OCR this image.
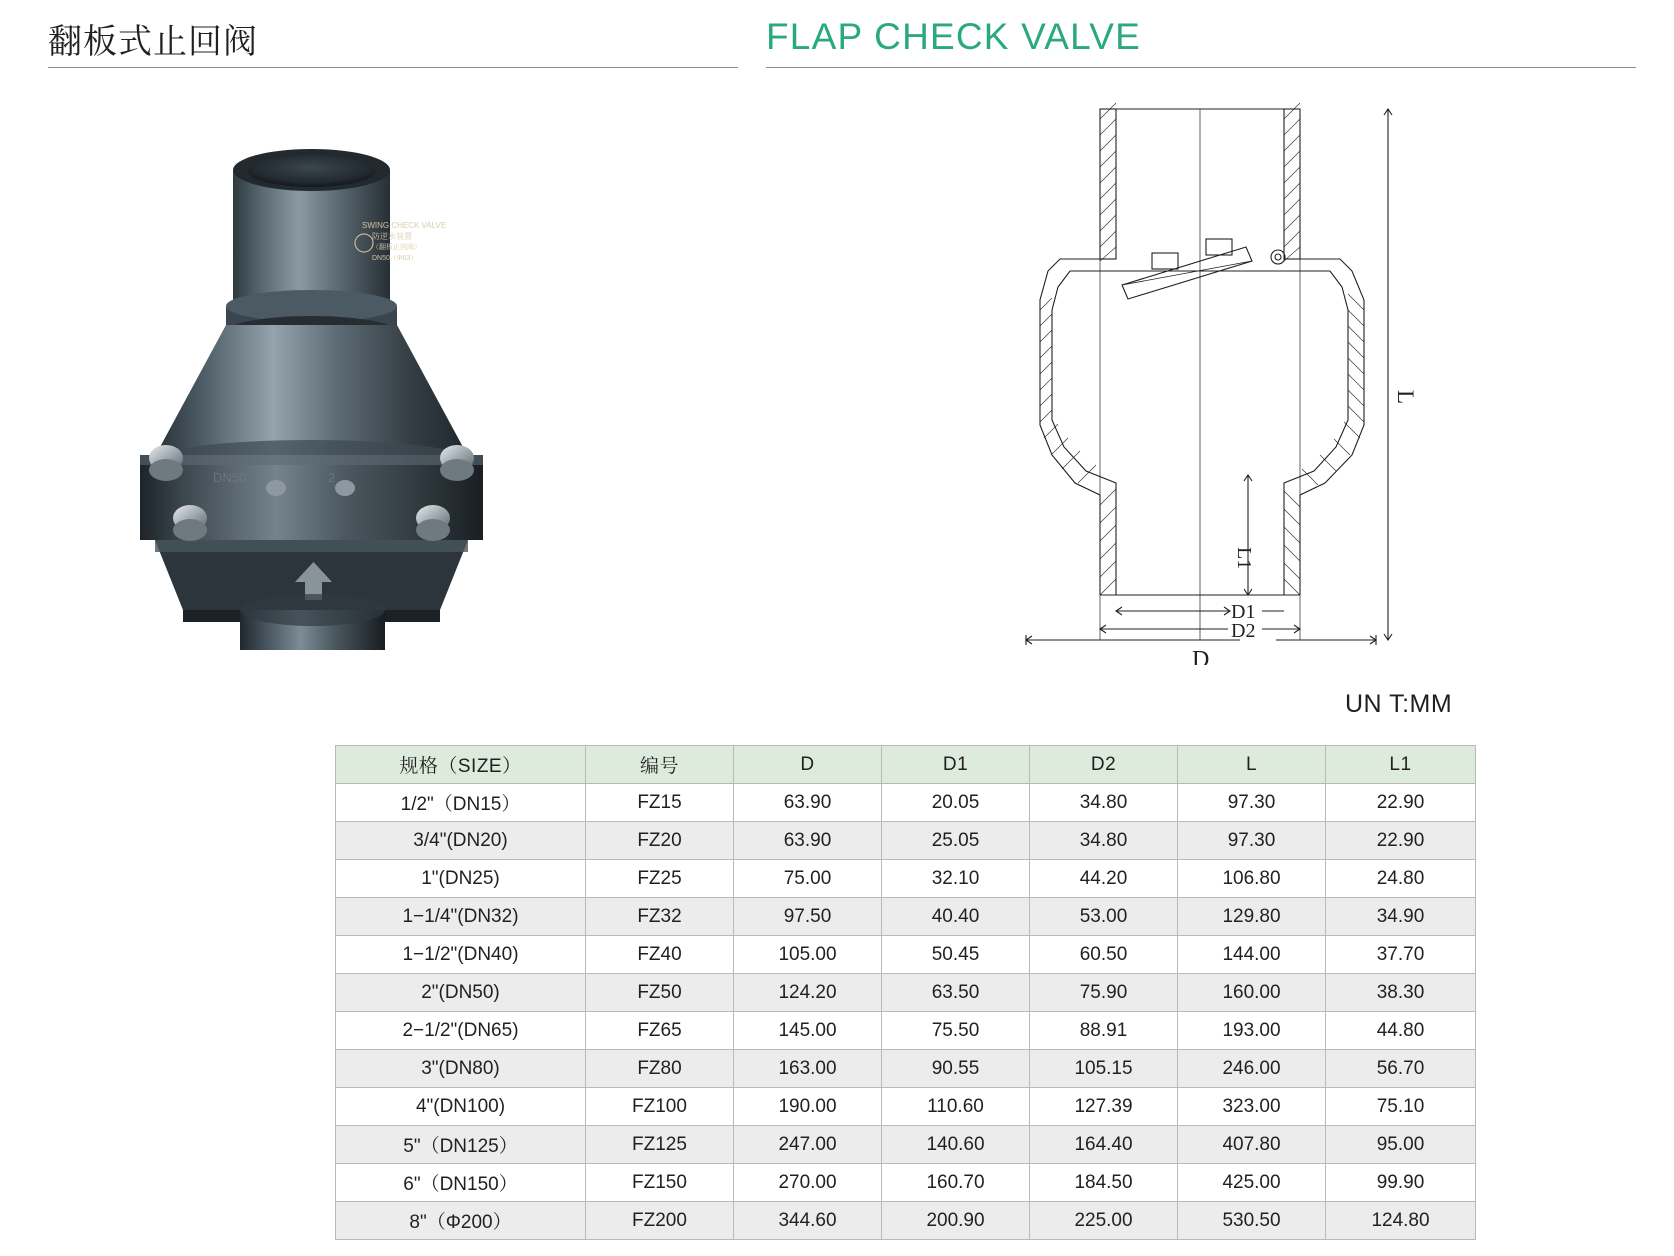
翻板式止回阀	FLAP CHECK VALVE
SWING CHECK VALVE
防逆水装置
（翻板止回阀）
DN50（Φ63）
DN50	2
L
L1
D1
D2
D
UN T:MM
规格（SIZE）	编号	D	D1	D2	L	L1
1/2"（DN15）	FZ15	63.90	20.05	34.80	97.30	22.90
3/4"(DN20)	FZ20	63.90	25.05	34.80	97.30	22.90
1"(DN25)	FZ25	75.00	32.10	44.20	106.80	24.80
1−1/4"(DN32)	FZ32	97.50	40.40	53.00	129.80	34.90
1−1/2"(DN40)	FZ40	105.00	50.45	60.50	144.00	37.70
2"(DN50)	FZ50	124.20	63.50	75.90	160.00	38.30
2−1/2"(DN65)	FZ65	145.00	75.50	88.91	193.00	44.80
3"(DN80)	FZ80	163.00	90.55	105.15	246.00	56.70
4"(DN100)	FZ100	190.00	110.60	127.39	323.00	75.10
5"（DN125）	FZ125	247.00	140.60	164.40	407.80	95.00
6"（DN150）	FZ150	270.00	160.70	184.50	425.00	99.90
8"（Φ200）	FZ200	344.60	200.90	225.00	530.50	124.80
